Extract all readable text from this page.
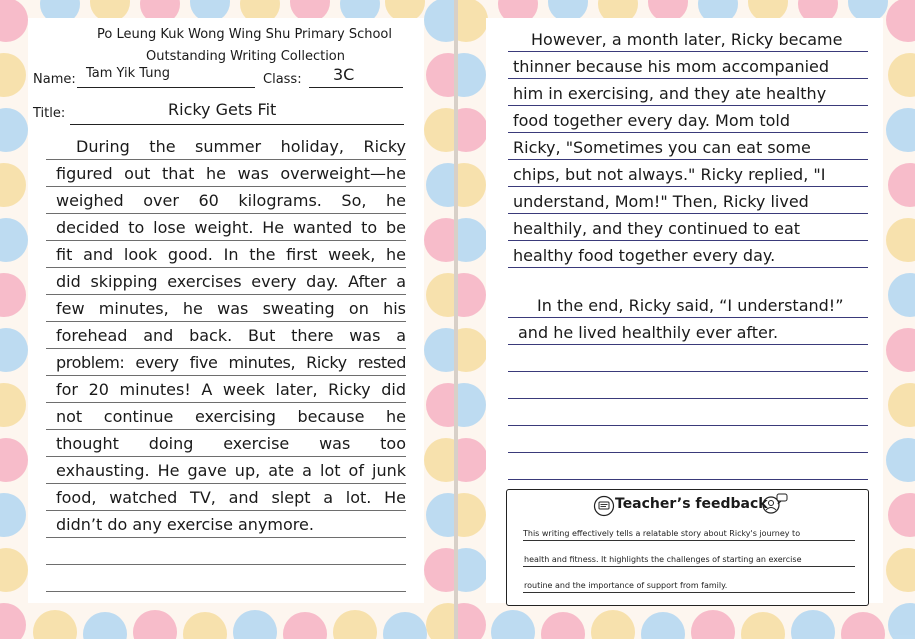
Po Leung Kuk Wong Wing Shu Primary School
Outstanding Writing Collection
Name: Tam Yik Tung	Class: 3C
Title:	Ricky Gets Fit
During the summer holiday, Ricky
figured out that he was overweight—he
weighed over 60 kilograms. So, he
decided to lose weight. He wanted to be
fit and look good. In the first week, he
did skipping exercises every day. After a
few minutes, he was sweating on his
forehead and back. But there was a
problem: every five minutes, Ricky rested
for 20 minutes! A week later, Ricky did
not continue exercising because he
thought doing exercise was too
exhausting. He gave up, ate a lot of junk
food, watched TV, and slept a lot. He
didn’t do any exercise anymore.
However, a month later, Ricky became
thinner because his mom accompanied
him in exercising, and they ate healthy
food together every day. Mom told
Ricky, "Sometimes you can eat some
chips, but not always." Ricky replied, "I
understand, Mom!" Then, Ricky lived
healthily, and they continued to eat
healthy food together every day.
In the end, Ricky said, “I understand!”
and he lived healthily ever after.
Teacher’s feedback
This writing effectively tells a relatable story about Ricky's journey to
health and fitness. It highlights the challenges of starting an exercise
routine and the importance of support from family.
